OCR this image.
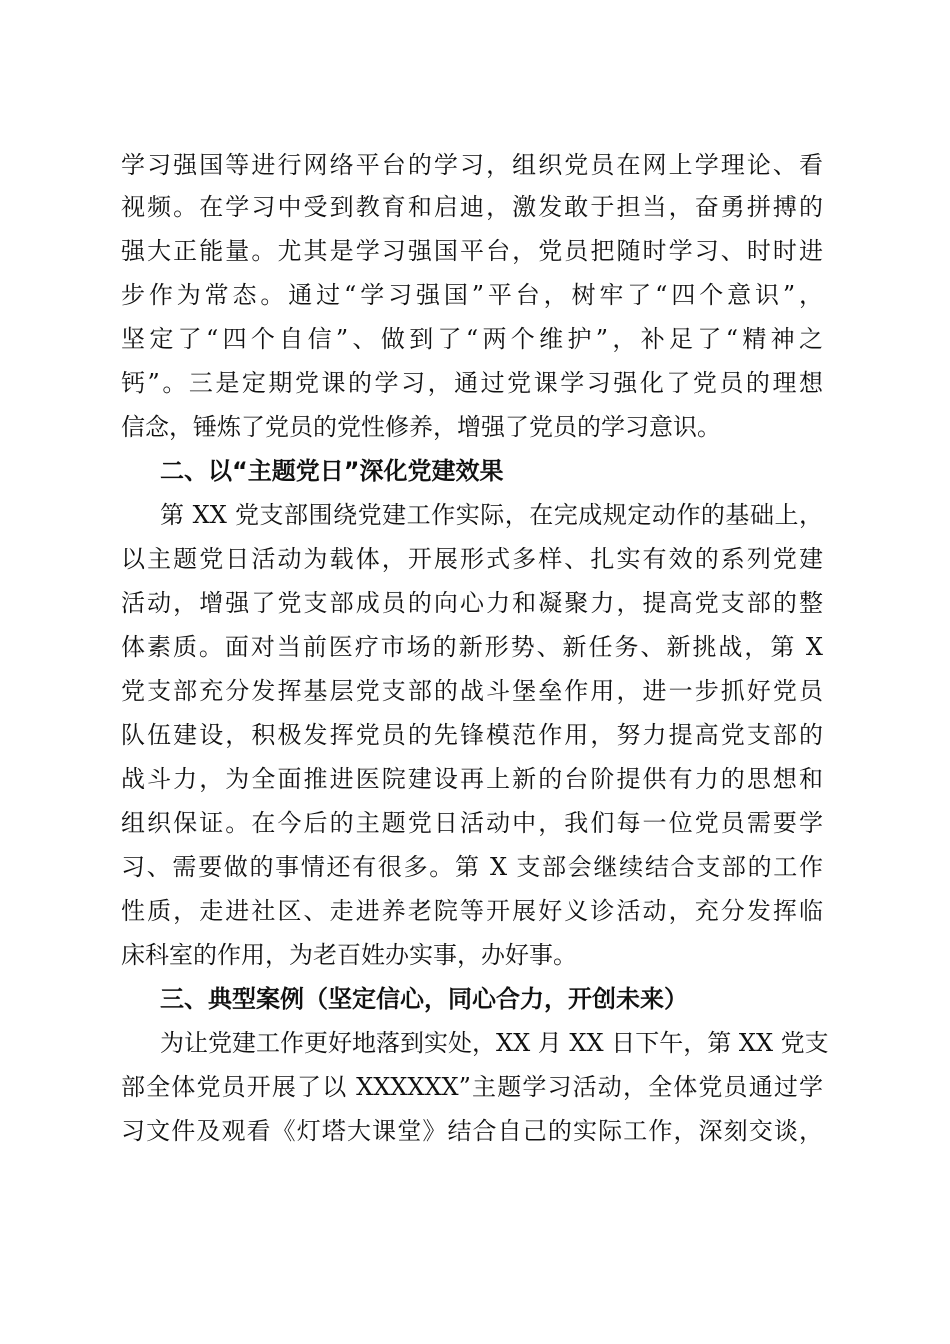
学习强国等进行网络平台的学习，组织党员在网上学理论、看
视频。在学习中受到教育和启迪，激发敢于担当，奋勇拼搏的
强大正能量。尤其是学习强国平台，党员把随时学习、时时进
步作为常态。通过“学习强国”平台，树牢了“四个意识”，
坚定了“四个自信”、做到了“两个维护”，补足了“精神之
钙”。三是定期党课的学习，通过党课学习强化了党员的理想
信念，锤炼了党员的党性修养，增强了党员的学习意识。
二、以“主题党日”深化党建效果
第 XX 党支部围绕党建工作实际，在完成规定动作的基础上，
以主题党日活动为载体，开展形式多样、扎实有效的系列党建
活动，增强了党支部成员的向心力和凝聚力，提高党支部的整
体素质。面对当前医疗市场的新形势、新任务、新挑战，第 X
党支部充分发挥基层党支部的战斗堡垒作用，进一步抓好党员
队伍建设，积极发挥党员的先锋模范作用，努力提高党支部的
战斗力，为全面推进医院建设再上新的台阶提供有力的思想和
组织保证。在今后的主题党日活动中，我们每一位党员需要学
习、需要做的事情还有很多。第 X 支部会继续结合支部的工作
性质，走进社区、走进养老院等开展好义诊活动，充分发挥临
床科室的作用，为老百姓办实事，办好事。
三、典型案例（坚定信心，同心合力，开创未来）
为让党建工作更好地落到实处，XX 月 XX 日下午，第 XX 党支
部全体党员开展了以 XXXXXX”主题学习活动，全体党员通过学
习文件及观看《灯塔大课堂》结合自己的实际工作，深刻交谈，
